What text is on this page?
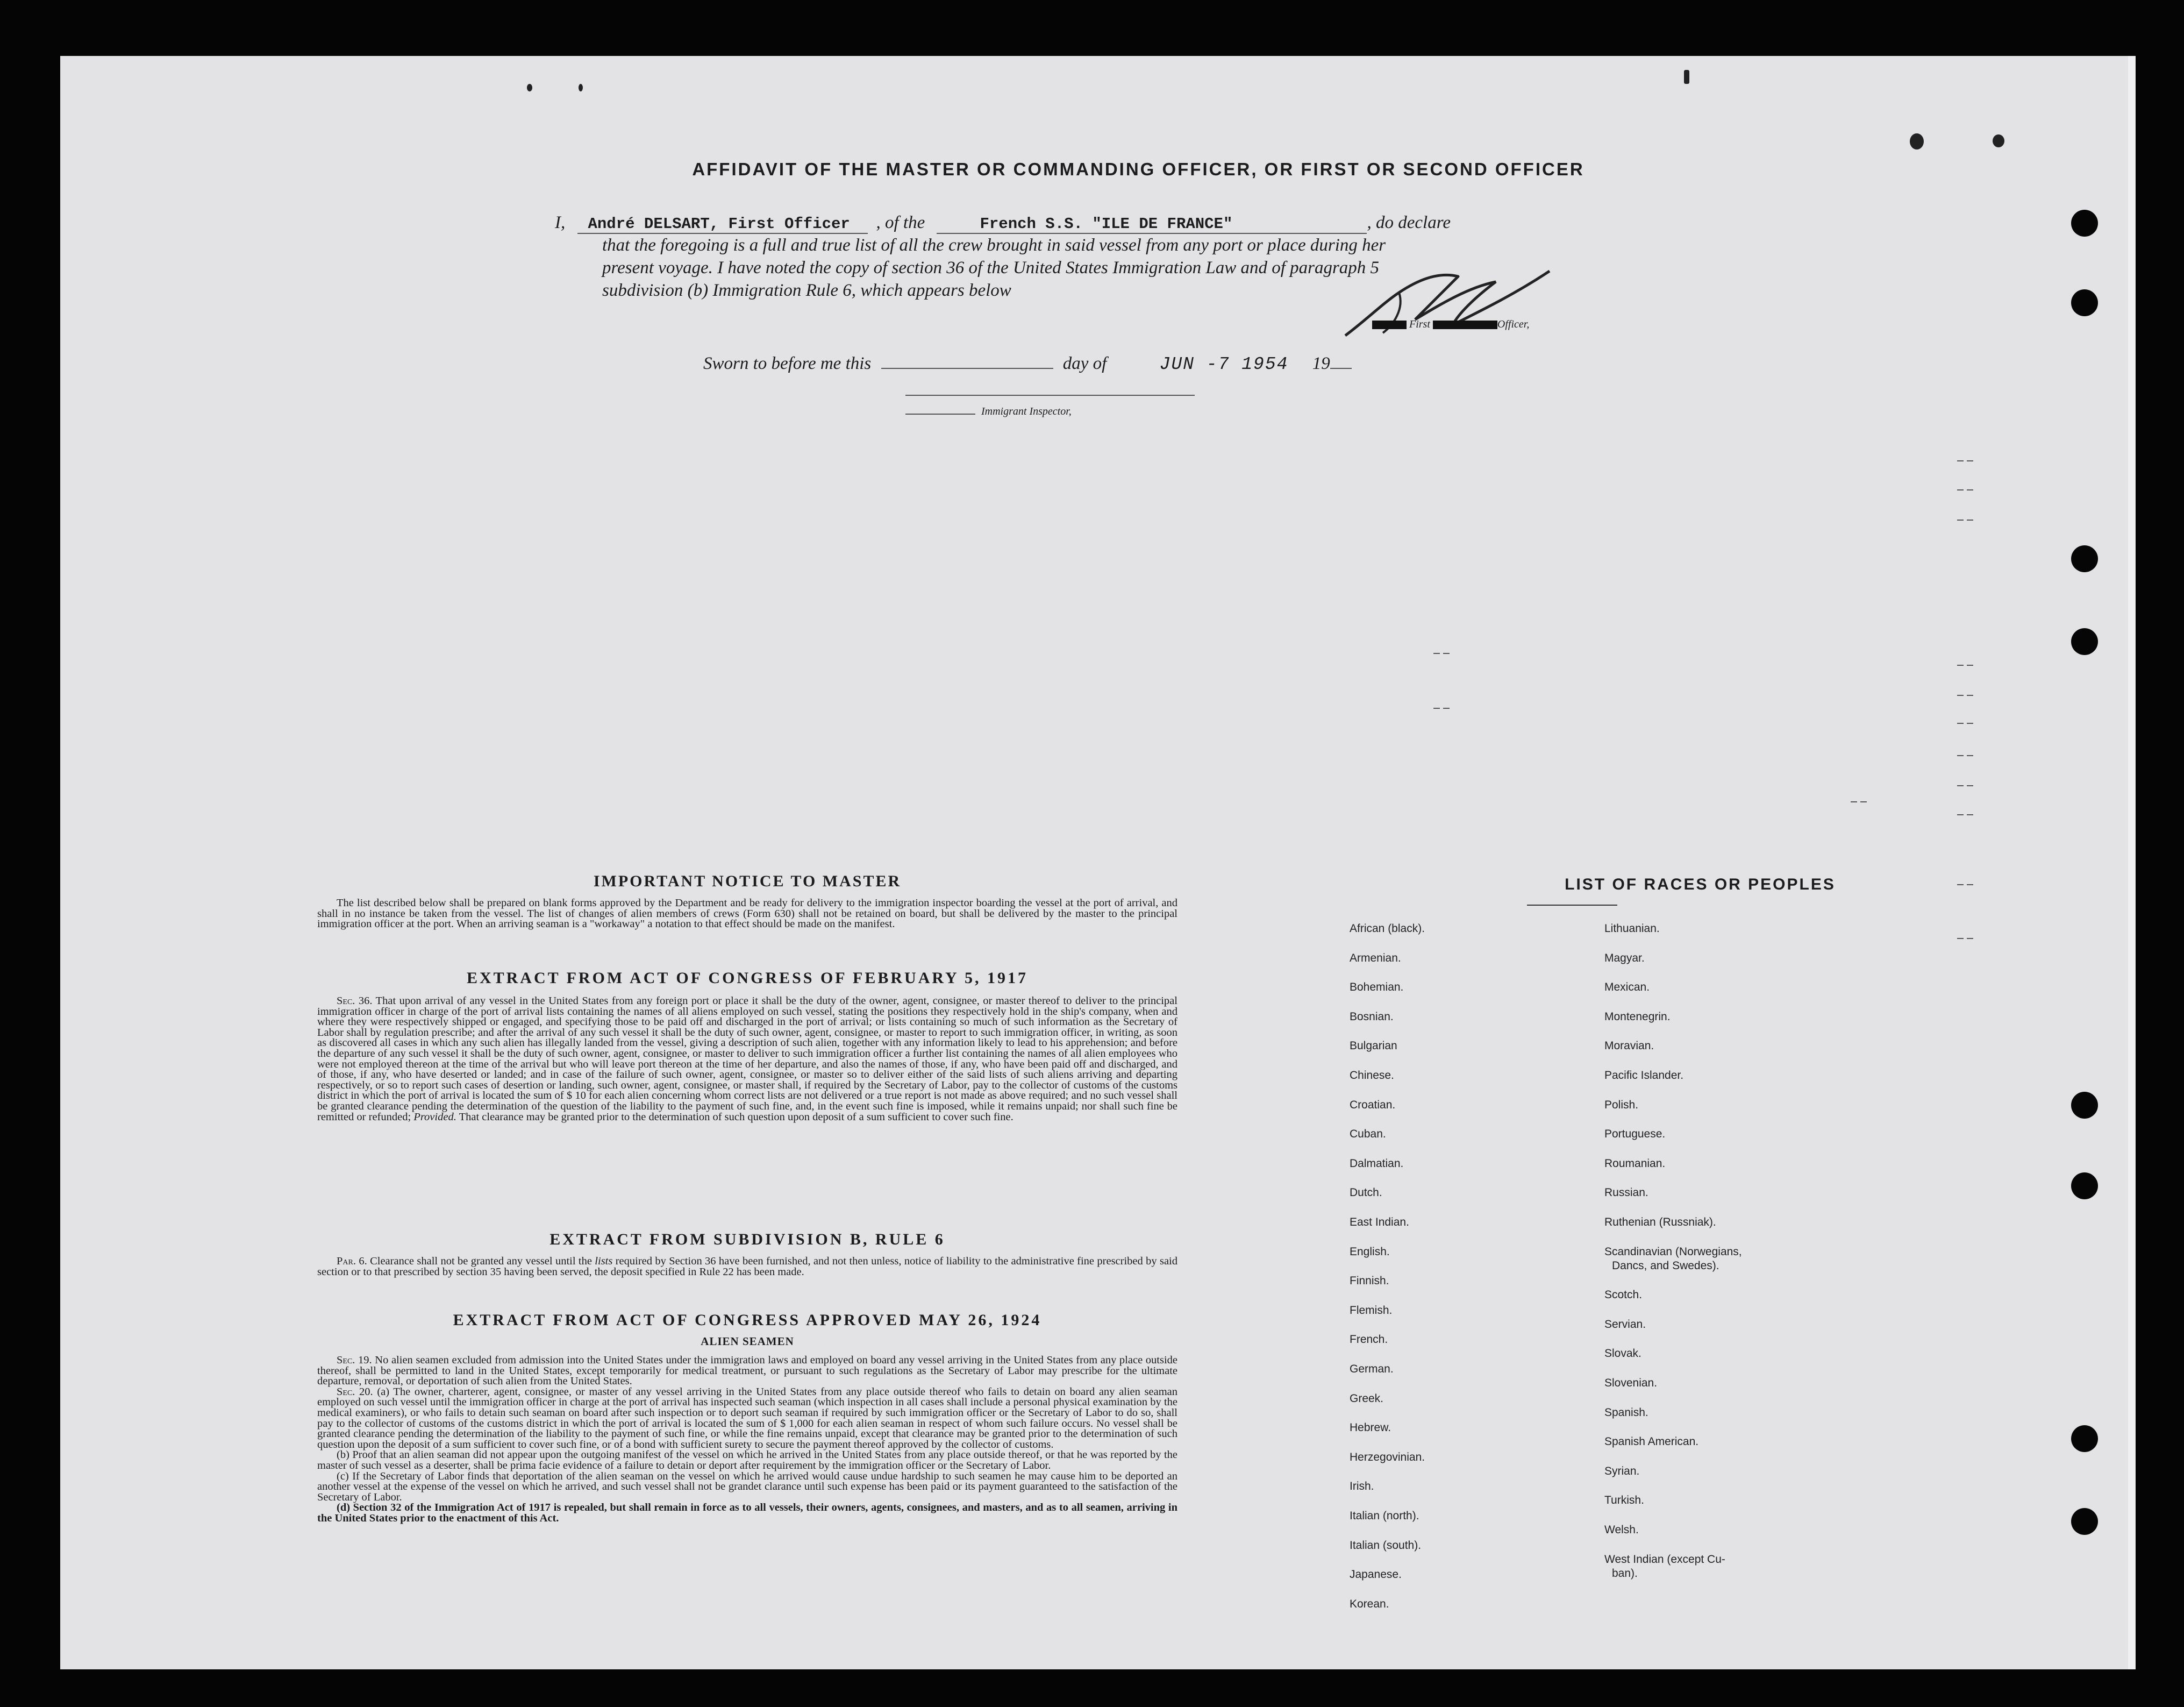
AFFIDAVIT OF THE MASTER OR COMMANDING OFFICER, OR FIRST OR SECOND OFFICER
I, André DELSART, First Officer , of the	French S.S. "ILE DE FRANCE"	, do declare
that the foregoing is a full and true list of all the crew brought in said vessel from any port or place during her
present voyage. I have noted the copy of section 36 of the United States Immigration Law and of paragraph 5
subdivision (b) Immigration Rule 6, which appears below
First	Officer,
Sworn to before me this	day of	JUN -7 1954 19
Immigrant Inspector,
IMPORTANT NOTICE TO MASTER

The list described below shall be prepared on blank forms approved by the Department and be ready for delivery to the immigration inspector boarding the vessel at the port of arrival, and shall in no instance be taken from the vessel. The list of changes of alien members of crews (Form 630) shall not be retained on board, but shall be delivered by the master to the principal immigration officer at the port. When an arriving seaman is a "workaway" a notation to that effect should be made on the manifest.

EXTRACT FROM ACT OF CONGRESS OF FEBRUARY 5, 1917

Sec. 36. That upon arrival of any vessel in the United States from any foreign port or place it shall be the duty of the owner, agent, consignee, or master thereof to deliver to the principal immigration officer in charge of the port of arrival lists containing the names of all aliens employed on such vessel, stating the positions they respectively hold in the ship's company, when and where they were respectively shipped or engaged, and specifying those to be paid off and discharged in the port of arrival; or lists containing so much of such information as the Secretary of Labor shall by regulation prescribe; and after the arrival of any such vessel it shall be the duty of such owner, agent, consignee, or master to report to such immigration officer, in writing, as soon as discovered all cases in which any such alien has illegally landed from the vessel, giving a description of such alien, together with any information likely to lead to his apprehension; and before the departure of any such vessel it shall be the duty of such owner, agent, consignee, or master to deliver to such immigration officer a further list containing the names of all alien employees who were not employed thereon at the time of the arrival but who will leave port thereon at the time of her departure, and also the names of those, if any, who have been paid off and discharged, and of those, if any, who have deserted or landed; and in case of the failure of such owner, agent, consignee, or master so to deliver either of the said lists of such aliens arriving and departing respectively, or so to report such cases of desertion or landing, such owner, agent, consignee, or master shall, if required by the Secretary of Labor, pay to the collector of customs of the customs district in which the port of arrival is located the sum of $ 10 for each alien concerning whom correct lists are not delivered or a true report is not made as above required; and no such vessel shall be granted clearance pending the determination of the question of the liability to the payment of such fine, and, in the event such fine is imposed, while it remains unpaid; nor shall such fine be remitted or refunded; Provided. That clearance may be granted prior to the determination of such question upon deposit of a sum sufficient to cover such fine.

EXTRACT FROM SUBDIVISION B, RULE 6

Par. 6. Clearance shall not be granted any vessel until the lists required by Section 36 have been furnished, and not then unless, notice of liability to the administrative fine prescribed by said section or to that prescribed by section 35 having been served, the deposit specified in Rule 22 has been made.

EXTRACT FROM ACT OF CONGRESS APPROVED MAY 26, 1924
ALIEN SEAMEN

Sec. 19. No alien seamen excluded from admission into the United States under the immigration laws and employed on board any vessel arriving in the United States from any place outside thereof, shall be permitted to land in the United States, except temporarily for medical treatment, or pursuant to such regulations as the Secretary of Labor may prescribe for the ultimate departure, removal, or deportation of such alien from the United States.

Sec. 20. (a) The owner, charterer, agent, consignee, or master of any vessel arriving in the United States from any place outside thereof who fails to detain on board any alien seaman employed on such vessel until the immigration officer in charge at the port of arrival has inspected such seaman (which inspection in all cases shall include a personal physical examination by the medical examiners), or who fails to detain such seaman on board after such inspection or to deport such seaman if required by such immigration officer or the Secretary of Labor to do so, shall pay to the collector of customs of the customs district in which the port of arrival is located the sum of $ 1,000 for each alien seaman in respect of whom such failure occurs. No vessel shall be granted clearance pending the determination of the liability to the payment of such fine, or while the fine remains unpaid, except that clearance may be granted prior to the determination of such question upon the deposit of a sum sufficient to cover such fine, or of a bond with sufficient surety to secure the payment thereof approved by the collector of customs.

(b) Proof that an alien seaman did not appear upon the outgoing manifest of the vessel on which he arrived in the United States from any place outside thereof, or that he was reported by the master of such vessel as a deserter, shall be prima facie evidence of a failure to detain or deport after requirement by the immigration officer or the Secretary of Labor.

(c) If the Secretary of Labor finds that deportation of the alien seaman on the vessel on which he arrived would cause undue hardship to such seamen he may cause him to be deported an another vessel at the expense of the vessel on which he arrived, and such vessel shall not be grandet clarance until such expense has been paid or its payment guaranteed to the satisfaction of the Secretary of Labor.

(d) Section 32 of the Immigration Act of 1917 is repealed, but shall remain in force as to all vessels, their owners, agents, consignees, and masters, and as to all seamen, arriving in the United States prior to the enactment of this Act.

LIST OF RACES OR PEOPLES
African (black).
Armenian.
Bohemian.
Bosnian.
Bulgarian
Chinese.
Croatian.
Cuban.
Dalmatian.
Dutch.
East Indian.
English.
Finnish.
Flemish.
French.
German.
Greek.
Hebrew.
Herzegovinian.
Irish.
Italian (north).
Italian (south).
Japanese.
Korean.
Lithuanian.
Magyar.
Mexican.
Montenegrin.
Moravian.
Pacific Islander.
Polish.
Portuguese.
Roumanian.
Russian.
Ruthenian (Russniak).
Scandinavian (Norwegians,
Dancs, and Swedes).
Scotch.
Servian.
Slovak.
Slovenian.
Spanish.
Spanish American.
Syrian.
Turkish.
Welsh.
West Indian (except Cu-
ban).
